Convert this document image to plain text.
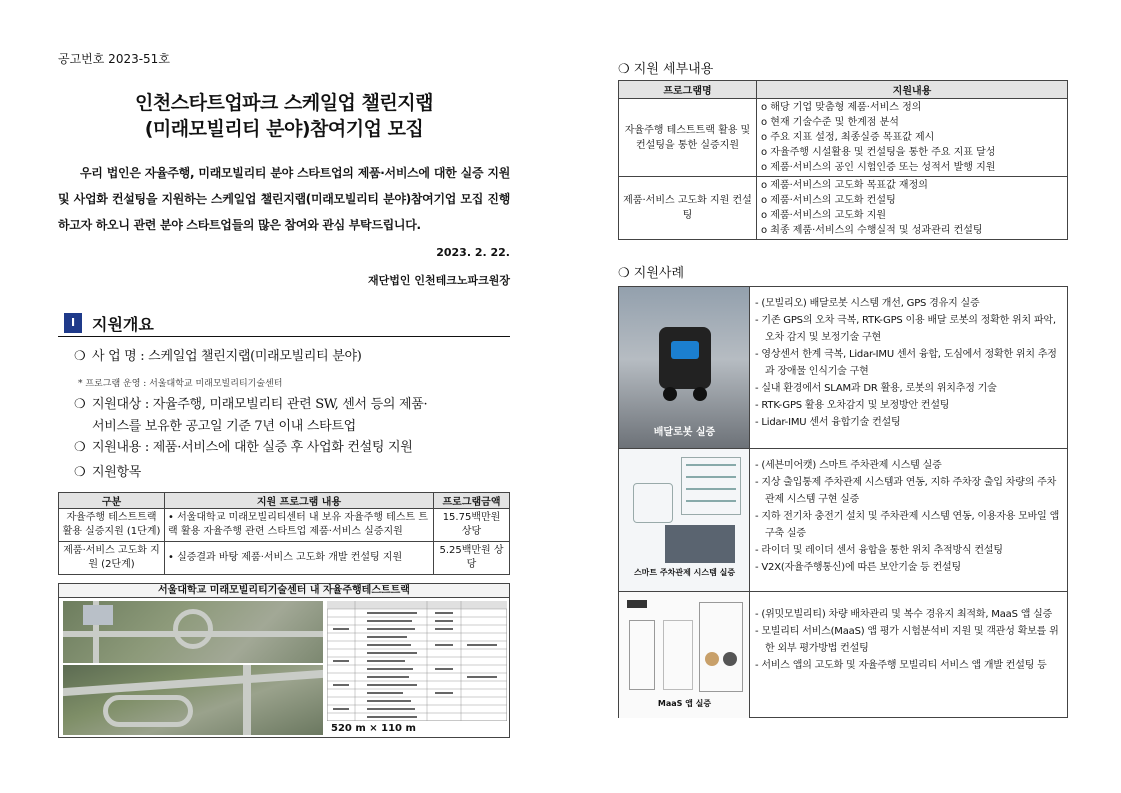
공고번호 2023-51호
인천스타트업파크 스케일업 챌린지랩
(미래모빌리티 분야)참여기업 모집
우리 법인은 자율주행, 미래모빌리티 분야 스타트업의 제품·서비스에 대한 실증 지원 및 사업화 컨설팅을 지원하는 스케일업 챌린지랩(미래모빌리티 분야)참여기업 모집 진행하고자 하오니 관련 분야 스타트업들의 많은 참여와 관심 부탁드립니다.
2023. 2. 22.
재단법인 인천테크노파크원장
Ⅰ	지원개요
❍ 사 업 명 : 스케일업 챌린지랩(미래모빌리티 분야)
* 프로그램 운영 : 서울대학교 미래모빌리티기술센터
❍ 지원대상 : 자율주행, 미래모빌리티 관련 SW, 센서 등의 제품·
서비스를 보유한 공고일 기준 7년 이내 스타트업
❍ 지원내용 : 제품·서비스에 대한 실증 후 사업화 컨설팅 지원
❍ 지원항목
구분	지원 프로그램 내용	프로그램금액
자율주행 테스트트랙 활용 실증지원 (1단계)	• 서울대학교 미래모빌리티센터 내 보유 자율주행 테스트 트랙 활용 자율주행 관련 스타트업 제품·서비스 실증지원	15.75백만원 상당
제품·서비스 고도화 지원 (2단계)	• 실증결과 바탕 제품·서비스 고도화 개발 컨설팅 지원	5.25백만원 상당
서울대학교 미래모빌리티기술센터 내 자율주행테스트트랙
520 m × 110 m
❍ 지원 세부내용
프로그램명	지원내용
자율주행 테스트트랙 활용 및 컨설팅을 통한 실증지원	o 해당 기업 맞춤형 제품·서비스 정의
o 현재 기술수준 및 한계점 분석
o 주요 지표 설정, 최종실증 목표값 제시
o 자율주행 시설활용 및 컨설팅을 통한 주요 지표 달성
o 제품·서비스의 공인 시험인증 또는 성적서 발행 지원

제품·서비스 고도화 지원 컨설팅	o 제품·서비스의 고도화 목표값 재정의
o 제품·서비스의 고도화 컨설팅
o 제품·서비스의 고도화 지원
o 최종 제품·서비스의 수행실적 및 성과관리 컨설팅
❍ 지원사례
배달로봇 실증
- (모빌리오) 배달로봇 시스템 개선, GPS 경유지 실증
- 기존 GPS의 오차 극복, RTK-GPS 이용 배달 로봇의 정확한 위치 파악, 오차 감지 및 보정기술 구현
- 영상센서 한계 극복, Lidar-IMU 센서 융합, 도심에서 정확한 위치 추정과 장애물 인식기술 구현
- 실내 환경에서 SLAM과 DR 활용, 로봇의 위치추정 기술
- RTK-GPS 활용 오차감지 및 보정방안 컨설팅
- Lidar-IMU 센서 융합기술 컨설팅
스마트 주차관제 시스템 실증
- (세븐미어캣) 스마트 주차관제 시스템 실증
- 지상 출입통제 주차관제 시스템과 연동, 지하 주차장 출입 차량의 주차관제 시스템 구현 실증
- 지하 전기차 충전기 설치 및 주차관제 시스템 연동, 이용자용 모바일 앱 구축 실증
- 라이더 및 레이더 센서 융합을 통한 위치 추적방식 컨설팅
- V2X(자율주행통신)에 따른 보안기술 등 컨설팅
MaaS 앱 실증
- (위밋모빌리티) 차량 배차관리 및 복수 경유지 최적화, MaaS 앱 실증
- 모빌리티 서비스(MaaS) 앱 평가 시험분석비 지원 및 객관성 확보를 위한 외부 평가방법 컨설팅
- 서비스 앱의 고도화 및 자율주행 모빌리티 서비스 앱 개발 컨설팅 등
